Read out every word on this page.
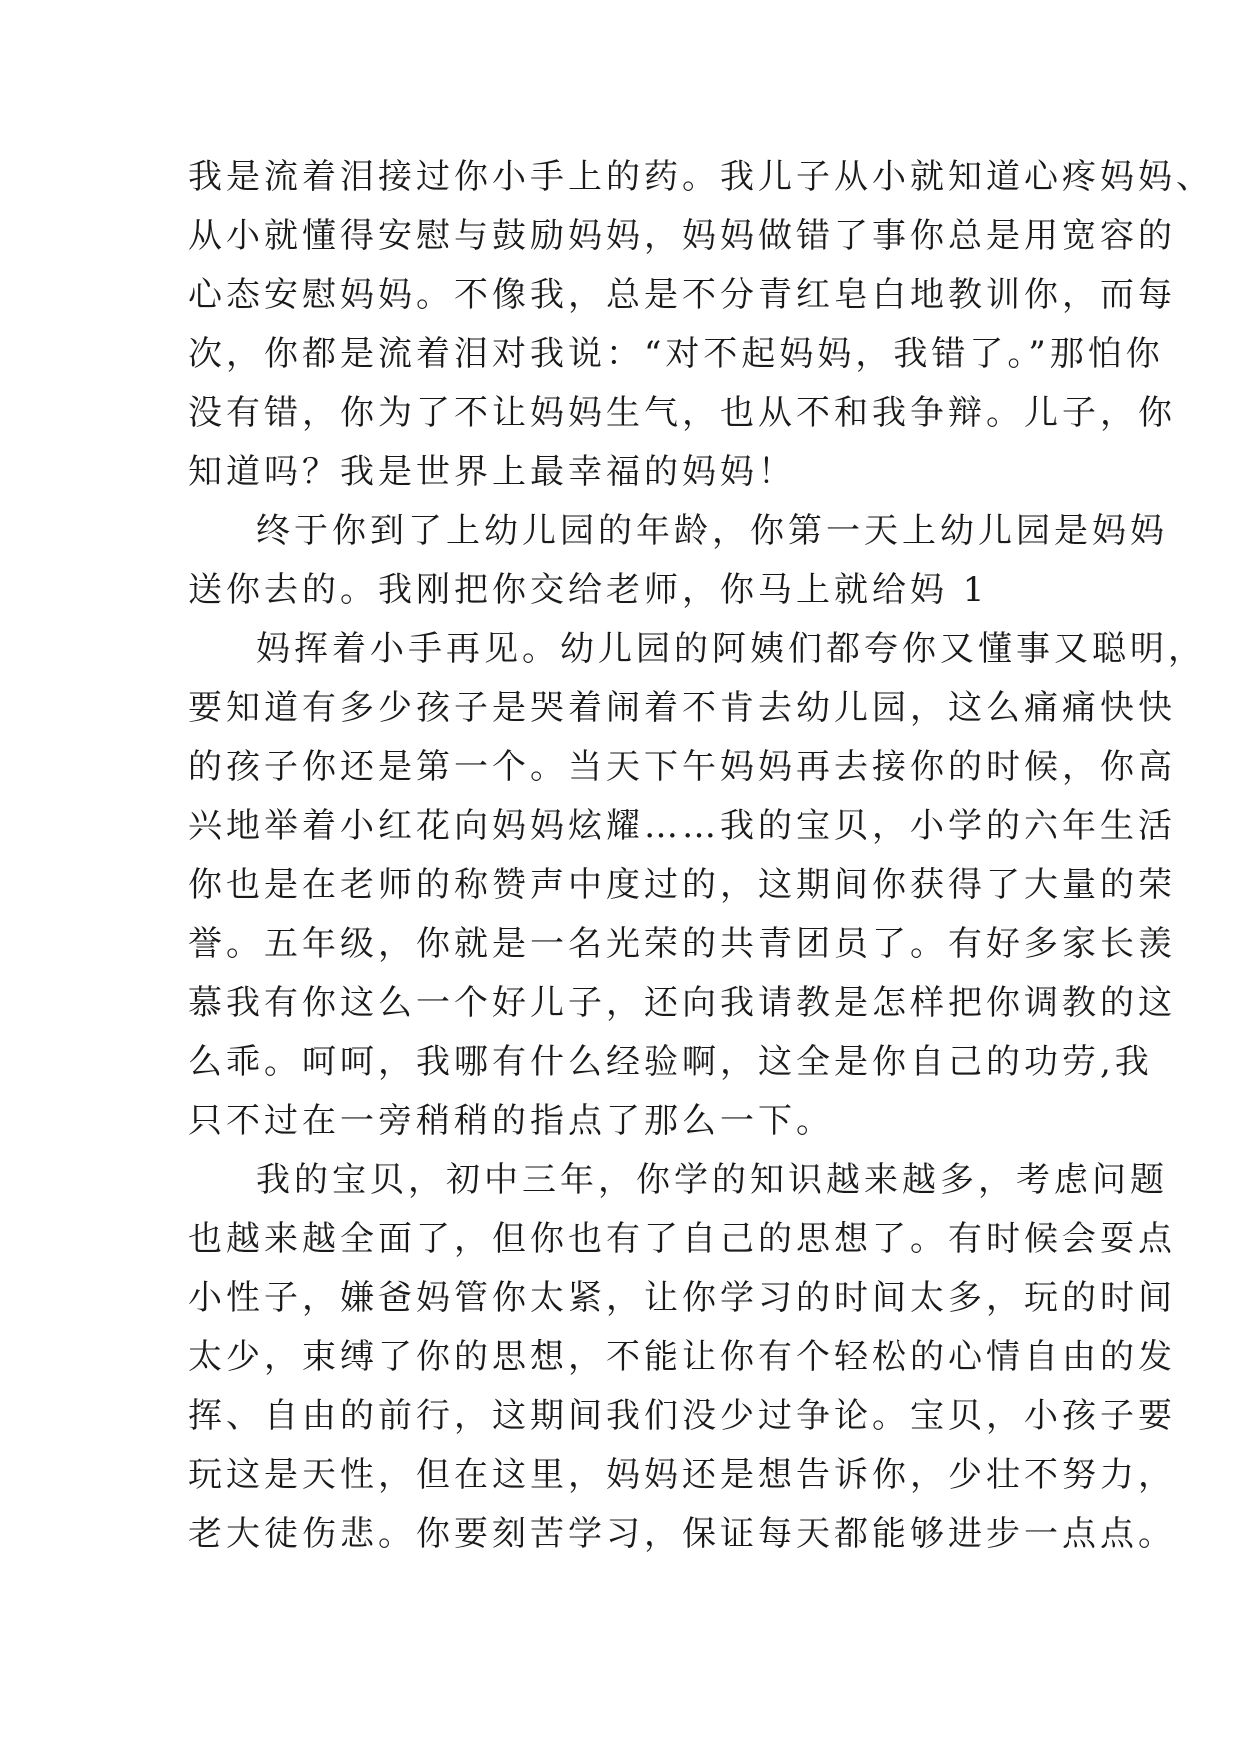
我是流着泪接过你小手上的药。我儿子从小就知道心疼妈妈、

从小就懂得安慰与鼓励妈妈，妈妈做错了事你总是用宽容的

心态安慰妈妈。不像我，总是不分青红皂白地教训你，而每

次，你都是流着泪对我说：“对不起妈妈，我错了。”那怕你

没有错，你为了不让妈妈生气，也从不和我争辩。儿子，你

知道吗？我是世界上最幸福的妈妈！

终于你到了上幼儿园的年龄，你第一天上幼儿园是妈妈

送你去的。我刚把你交给老师，你马上就给妈 1

妈挥着小手再见。幼儿园的阿姨们都夸你又懂事又聪明，

要知道有多少孩子是哭着闹着不肯去幼儿园，这么痛痛快快

的孩子你还是第一个。当天下午妈妈再去接你的时候，你高

兴地举着小红花向妈妈炫耀……我的宝贝，小学的六年生活

你也是在老师的称赞声中度过的，这期间你获得了大量的荣

誉。五年级，你就是一名光荣的共青团员了。有好多家长羡

慕我有你这么一个好儿子，还向我请教是怎样把你调教的这

么乖。呵呵，我哪有什么经验啊，这全是你自己的功劳,我

只不过在一旁稍稍的指点了那么一下。

我的宝贝，初中三年，你学的知识越来越多，考虑问题

也越来越全面了，但你也有了自己的思想了。有时候会耍点

小性子，嫌爸妈管你太紧，让你学习的时间太多，玩的时间

太少，束缚了你的思想，不能让你有个轻松的心情自由的发

挥、自由的前行，这期间我们没少过争论。宝贝，小孩子要

玩这是天性，但在这里，妈妈还是想告诉你，少壮不努力，

老大徒伤悲。你要刻苦学习，保证每天都能够进步一点点。
